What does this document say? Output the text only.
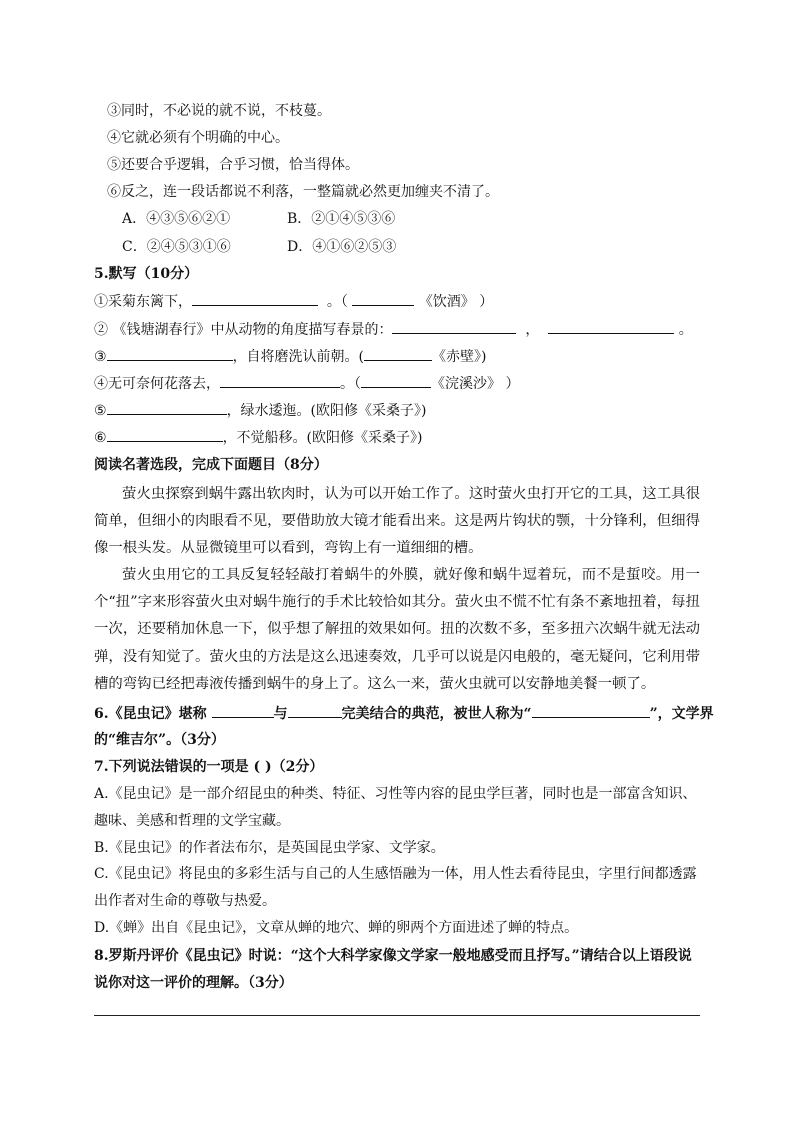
③同时，不必说的就不说，不枝蔓。
④它就必须有个明确的中心。
⑤还要合乎逻辑，合乎习惯，恰当得体。
⑥反之，连一段话都说不利落，一整篇就必然更加缠夹不清了。
A．④③⑤⑥②①	B．②①④⑤③⑥
C．②④⑤③①⑥	D．④①⑥②⑤③
5.默写（10分）
①采菊东篱下，	。（	《饮酒》 ）
② 《钱塘湖春行》中从动物的角度描写春景的：	，	。
③	，自将磨洗认前朝。(	《赤壁》)
④无可奈何花落去，	。（	《浣溪沙》 ）
⑤	，绿水逶迤。(欧阳修《采桑子》)
⑥	，不觉船移。(欧阳修《采桑子》)
阅读名著选段，完成下面题目（8分）

萤火虫探察到蜗牛露出软肉时，认为可以开始工作了。这时萤火虫打开它的工具，这工具很简单，但细小的肉眼看不见，要借助放大镜才能看出来。这是两片钩状的颚，十分锋利，但细得像一根头发。从显微镜里可以看到，弯钩上有一道细细的槽。

萤火虫用它的工具反复轻轻敲打着蜗牛的外膜，就好像和蜗牛逗着玩，而不是蜇咬。用一个“扭”字来形容萤火虫对蜗牛施行的手术比较恰如其分。萤火虫不慌不忙有条不紊地扭着，每扭一次，还要稍加休息一下，似乎想了解扭的效果如何。扭的次数不多，至多扭六次蜗牛就无法动弹，没有知觉了。萤火虫的方法是这么迅速奏效，几乎可以说是闪电般的，毫无疑问，它利用带槽的弯钩已经把毒液传播到蜗牛的身上了。这么一来，萤火虫就可以安静地美餐一顿了。

6.《昆虫记》堪称	与	完美结合的典范，被世人称为“	”，文学界
的“维吉尔”。（3分）
7.下列说法错误的一项是 ( )（2分）
A.《昆虫记》是一部介绍昆虫的种类、特征、习性等内容的昆虫学巨著，同时也是一部富含知识、
趣味、美感和哲理的文学宝藏。
B.《昆虫记》的作者法布尔，是英国昆虫学家、文学家。
C.《昆虫记》将昆虫的多彩生活与自己的人生感悟融为一体，用人性去看待昆虫，字里行间都透露
出作者对生命的尊敬与热爱。
D.《蝉》出自《昆虫记》，文章从蝉的地穴、蝉的卵两个方面进述了蝉的特点。
8.罗斯丹评价《昆虫记》时说：“这个大科学家像文学家一般地感受而且抒写。”请结合以上语段说
说你对这一评价的理解。（3分）
